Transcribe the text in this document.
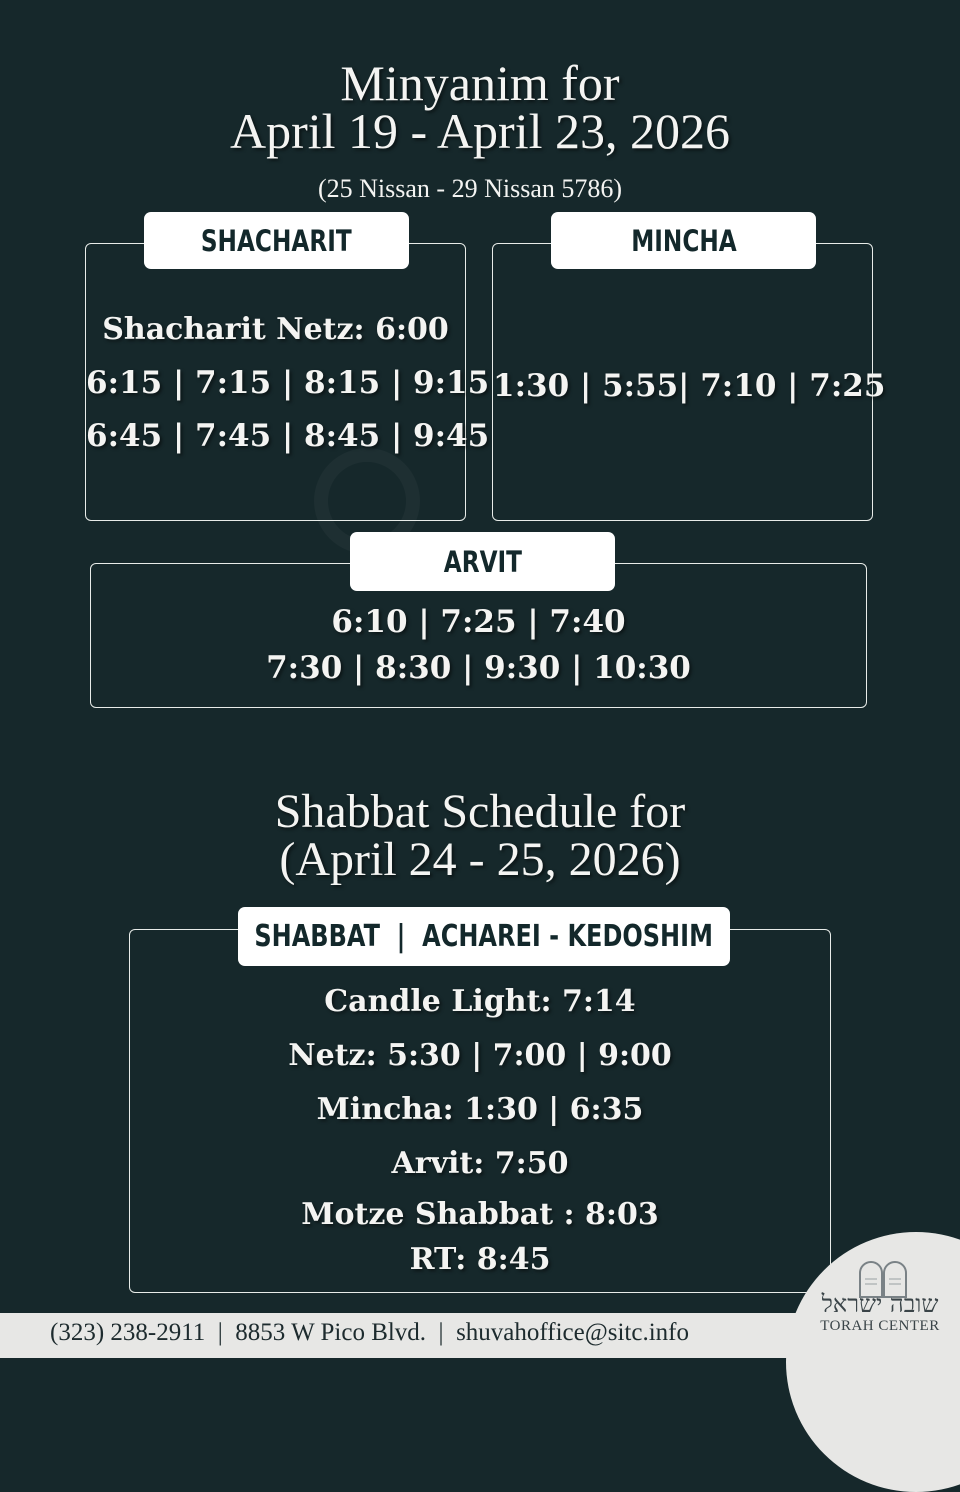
Minyanim for
April 19 - April 23, 2026
(25 Nissan - 29 Nissan 5786)
Shacharit Netz: 6:00
6:15 | 7:15 | 8:15 | 9:15
6:45 | 7:45 | 8:45 | 9:45
SHACHARIT
1:30 | 5:55| 7:10 | 7:25
MINCHA
6:10 | 7:25 | 7:40
7:30 | 8:30 | 9:30 | 10:30
ARVIT
Shabbat Schedule for
(April 24 - 25, 2026)
Candle Light: 7:14
Netz: 5:30 | 7:00 | 9:00
Mincha: 1:30 | 6:35
Arvit: 7:50
Motze Shabbat : 8:03
RT: 8:45
SHABBAT  |  ACHAREI - KEDOSHIM
(323) 238-2911  |  8853 W Pico Blvd.  |  shuvahoffice@sitc.info
שובה ישראל
TORAH CENTER
